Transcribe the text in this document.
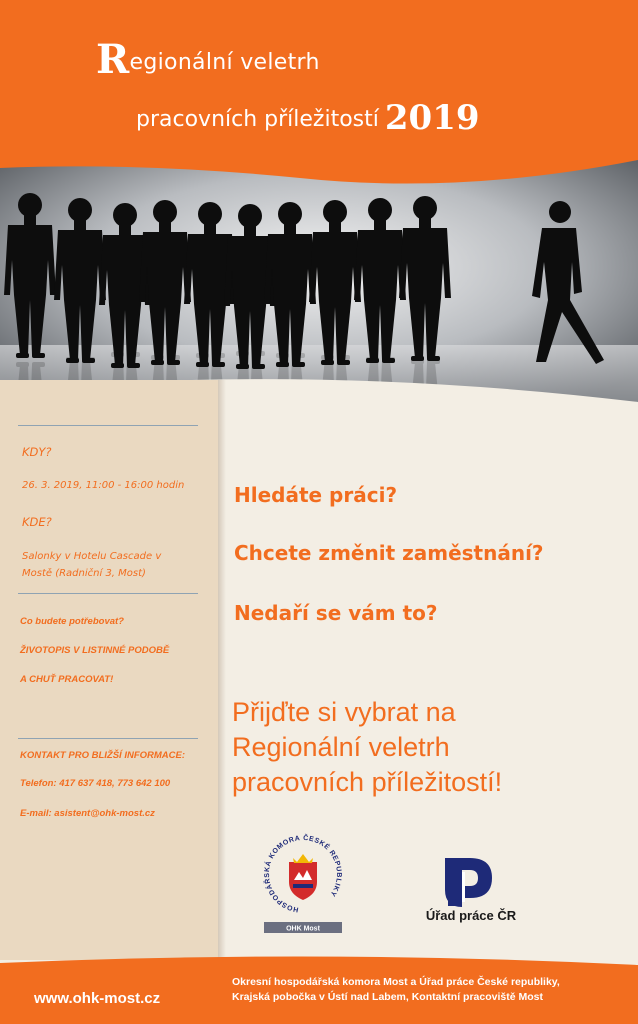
Regionální veletrh
pracovních příležitostí 2019
KDY?
26. 3. 2019, 11:00 - 16:00 hodin
KDE?
Salonky v Hotelu Cascade v
Mostě (Radniční 3, Most)
Co budete potřebovat?
ŽIVOTOPIS V LISTINNÉ PODOBĚ
A CHUŤ PRACOVAT!
KONTAKT PRO BLIŽŠÍ INFORMACE:
Telefon: 417 637 418, 773 642 100
E-mail: asistent@ohk-most.cz
Hledáte práci?
Chcete změnit zaměstnání?
Nedaří se vám to?
Přijďte si vybrat na
Regionální veletrh
pracovních příležitostí!
HOSPODÁŘSKÁ KOMORA ČESKÉ REPUBLIKY
OHK Most
Úřad práce ČR
www.ohk-most.cz
Okresní hospodářská komora Most a Úřad práce České republiky,
Krajská pobočka v Ústí nad Labem, Kontaktní pracoviště Most
